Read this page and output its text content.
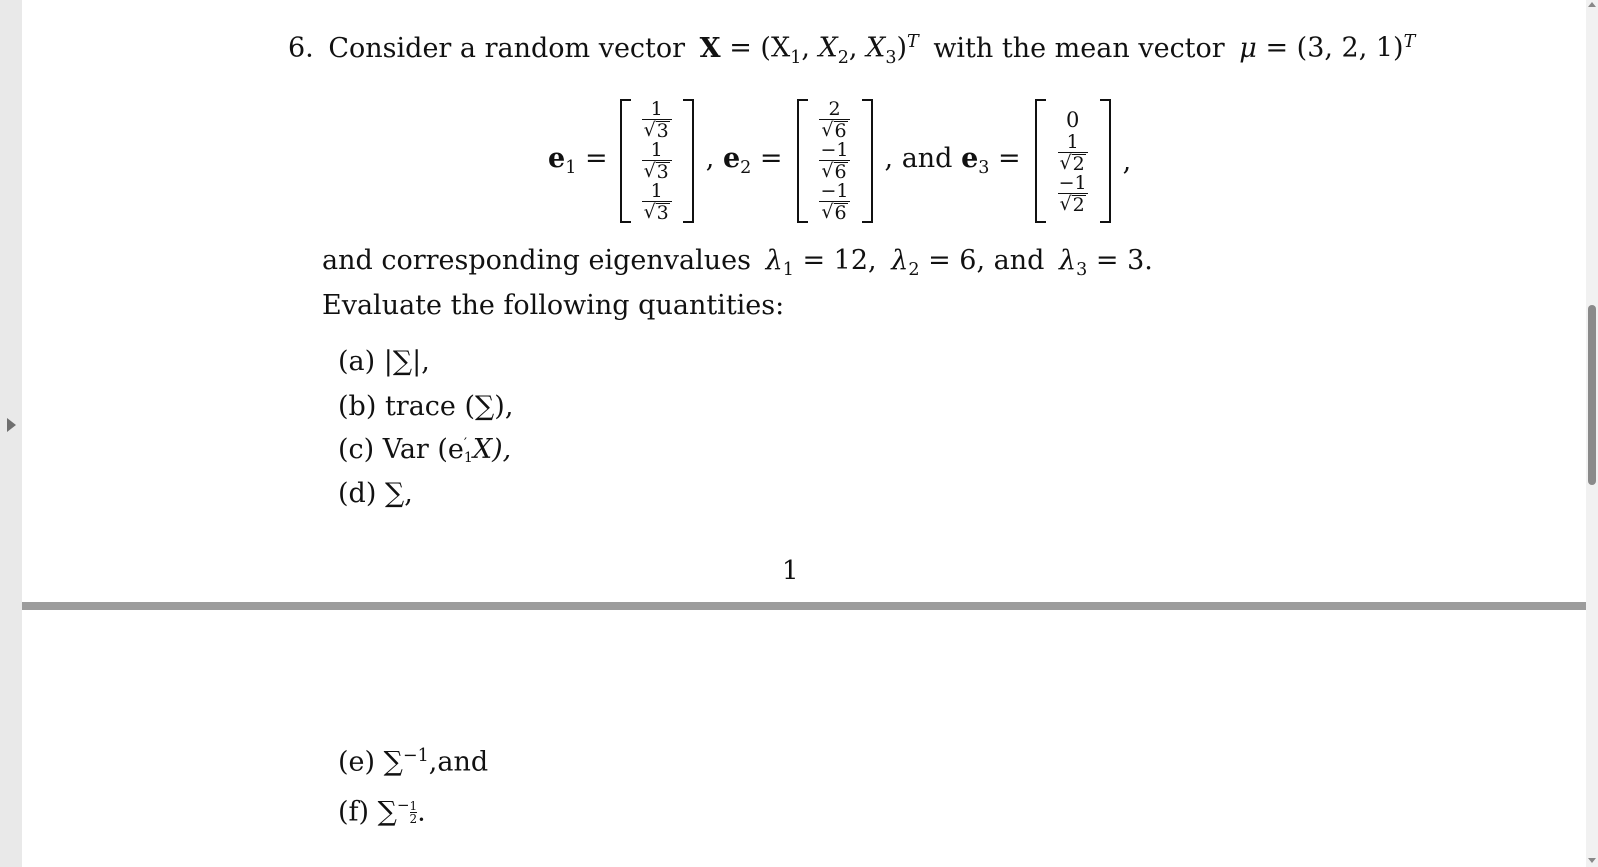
6. Consider a random vector $X = (X_1$, $X_2$, $X_3)^T$ with the mean vector μ = (3, 2, 1)$^T$
$e_1$ =
$\frac{1}{√ 3}$
$\frac{1}{√ 3}$
$\frac{1}{√ 3}$
, $e_2$ =
$\frac{2}{√ 6}$
$\frac{-1}{√ 6}$
$\frac{-1}{√ 6}$
, and $e_3$ =
0
$\frac{1}{√ 2}$
$\frac{-1}{√ 2}$
,
and corresponding eigenvalues $\lambda_1 = 12$, $\lambda_2 = 6$, and $\lambda_3 = 3$.
Evaluate the following quantities:
(a) |∑|,
(b) trace (∑),
(c) Var (e ′
1 X),
(d) ∑,
1
(e) ∑$^{-1}$,and
(f) $\sum^- \frac{1}{2}$ .
